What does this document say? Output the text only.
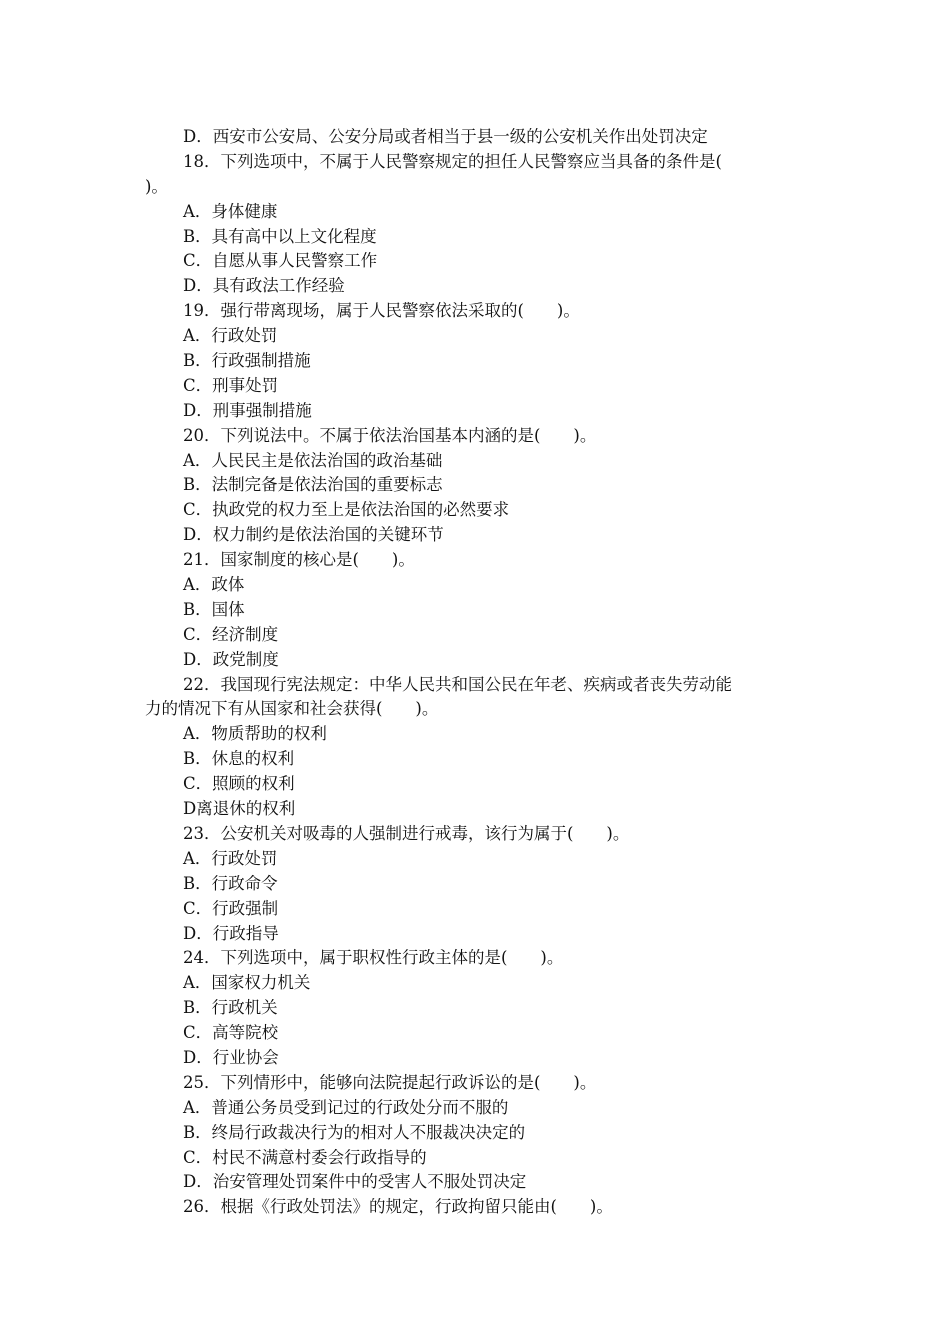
D．西安市公安局、公安分局或者相当于县一级的公安机关作出处罚决定
18．下列选项中，不属于人民警察规定的担任人民警察应当具备的条件是(
)。
A．身体健康
B．具有高中以上文化程度
C．自愿从事人民警察工作
D．具有政法工作经验
19．强行带离现场，属于人民警察依法采取的(　　)。
A．行政处罚
B．行政强制措施
C．刑事处罚
D．刑事强制措施
20．下列说法中。不属于依法治国基本内涵的是(　　)。
A．人民民主是依法治国的政治基础
B．法制完备是依法治国的重要标志
C．执政党的权力至上是依法治国的必然要求
D．权力制约是依法治国的关键环节
21．国家制度的核心是(　　)。
A．政体
B．国体
C．经济制度
D．政党制度
22．我国现行宪法规定：中华人民共和国公民在年老、疾病或者丧失劳动能
力的情况下有从国家和社会获得(　　)。
A．物质帮助的权利
B．休息的权利
C．照顾的权利
D离退休的权利
23．公安机关对吸毒的人强制进行戒毒，该行为属于(　　)。
A．行政处罚
B．行政命令
C．行政强制
D．行政指导
24．下列选项中，属于职权性行政主体的是(　　)。
A．国家权力机关
B．行政机关
C．高等院校
D．行业协会
25．下列情形中，能够向法院提起行政诉讼的是(　　)。
A．普通公务员受到记过的行政处分而不服的
B．终局行政裁决行为的相对人不服裁决决定的
C．村民不满意村委会行政指导的
D．治安管理处罚案件中的受害人不服处罚决定
26．根据《行政处罚法》的规定，行政拘留只能由(　　)。
